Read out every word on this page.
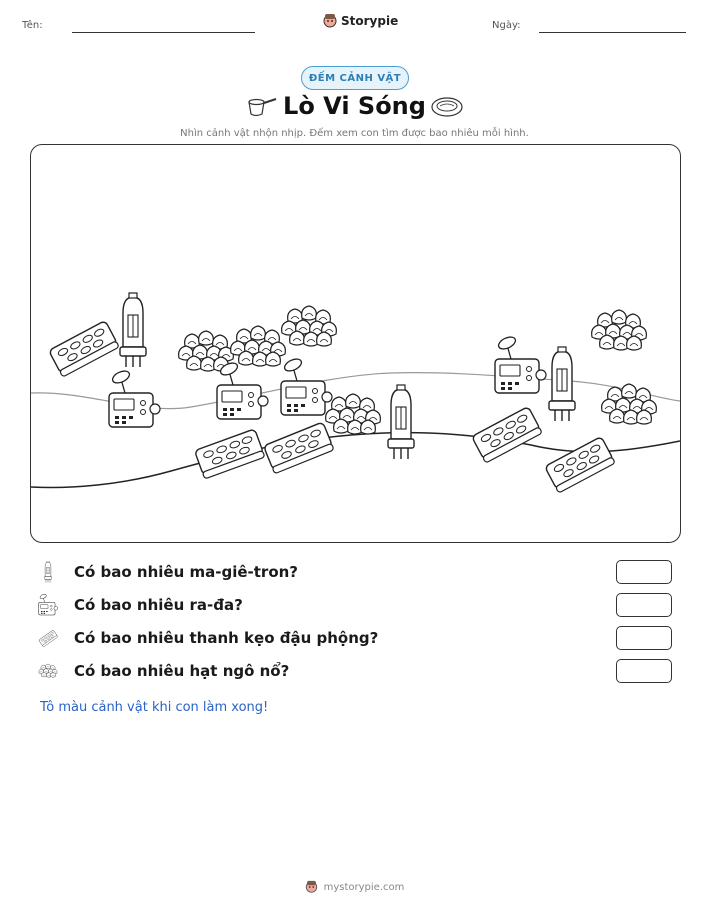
Tên:	Storypie	Ngày:
ĐẾM CẢNH VẬT
Lò Vi Sóng
Nhìn cảnh vật nhộn nhịp. Đếm xem con tìm được bao nhiêu mỗi hình.
Có bao nhiêu ma-giê-tron?
Có bao nhiêu ra-đa?
Có bao nhiêu thanh kẹo đậu phộng?
Có bao nhiêu hạt ngô nổ?
Tô màu cảnh vật khi con làm xong!
mystorypie.com
